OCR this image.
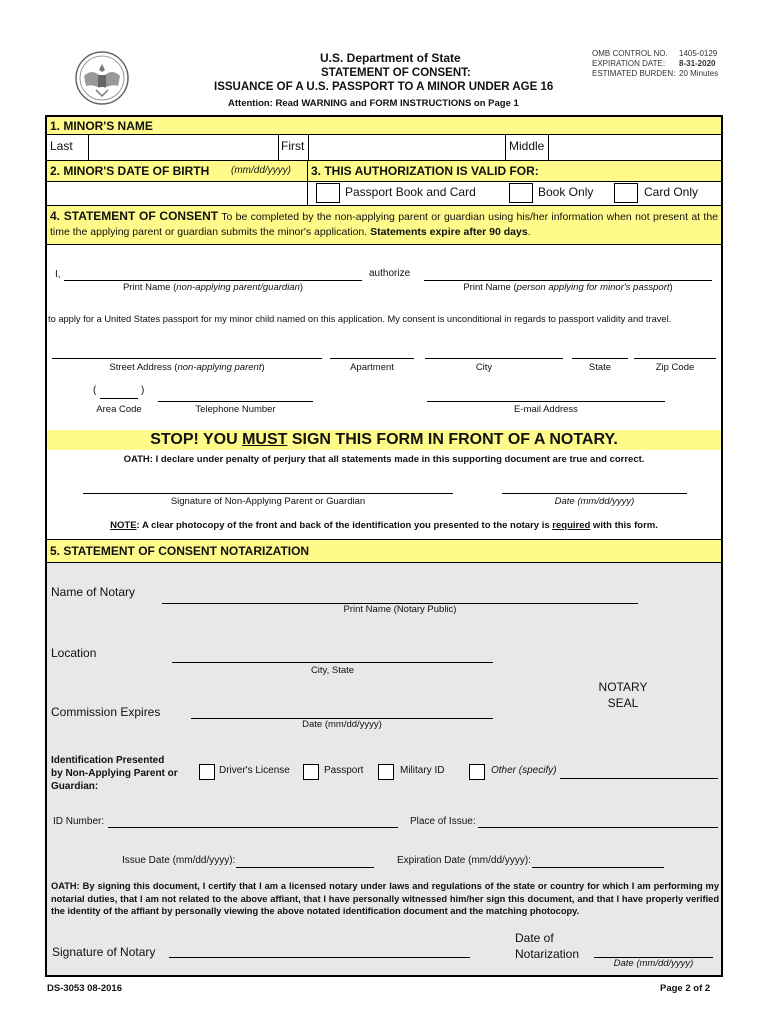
U.S. Department of State
STATEMENT OF CONSENT:
ISSUANCE OF A U.S. PASSPORT TO A MINOR UNDER AGE 16
Attention: Read WARNING and FORM INSTRUCTIONS on Page 1
OMB CONTROL NO. 1405-0129
EXPIRATION DATE: 8-31-2020
ESTIMATED BURDEN: 20 Minutes
1. MINOR'S NAME
Last	First	Middle
2. MINOR'S DATE OF BIRTH (mm/dd/yyyy) 3. THIS AUTHORIZATION IS VALID FOR:
Passport Book and Card	Book Only	Card Only
4. STATEMENT OF CONSENT To be completed by the non-applying parent or guardian using his/her information when not present at the time the applying parent or guardian submits the minor's application. Statements expire after 90 days.
I,	authorize
Print Name (non-applying parent/guardian)	Print Name (person applying for minor's passport)
to apply for a United States passport for my minor child named on this application. My consent is unconditional in regards to passport validity and travel.
Street Address (non-applying parent)	Apartment	City	State	Zip Code
(	)
Area Code	Telephone Number	E-mail Address
STOP! YOU MUST SIGN THIS FORM IN FRONT OF A NOTARY.
OATH: I declare under penalty of perjury that all statements made in this supporting document are true and correct.
Signature of Non-Applying Parent or Guardian	Date (mm/dd/yyyy)
NOTE: A clear photocopy of the front and back of the identification you presented to the notary is required with this form.
5. STATEMENT OF CONSENT NOTARIZATION
Name of Notary
Print Name (Notary Public)
Location
City, State
NOTARY
SEAL
Commission Expires
Date (mm/dd/yyyy)
Identification Presented
by Non-Applying Parent or
Guardian:
Driver's License	Passport	Military ID	Other (specify)
ID Number:	Place of Issue:
Issue Date (mm/dd/yyyy):	Expiration Date (mm/dd/yyyy):
OATH: By signing this document, I certify that I am a licensed notary under laws and regulations of the state or country for which I am performing my notarial duties, that I am not related to the above affiant, that I have personally witnessed him/her sign this document, and that I have properly verified the identity of the affiant by personally viewing the above notated identification document and the matching photocopy.
Signature of Notary
Date of
Notarization
Date (mm/dd/yyyy)
DS-3053 08-2016	Page 2 of 2
